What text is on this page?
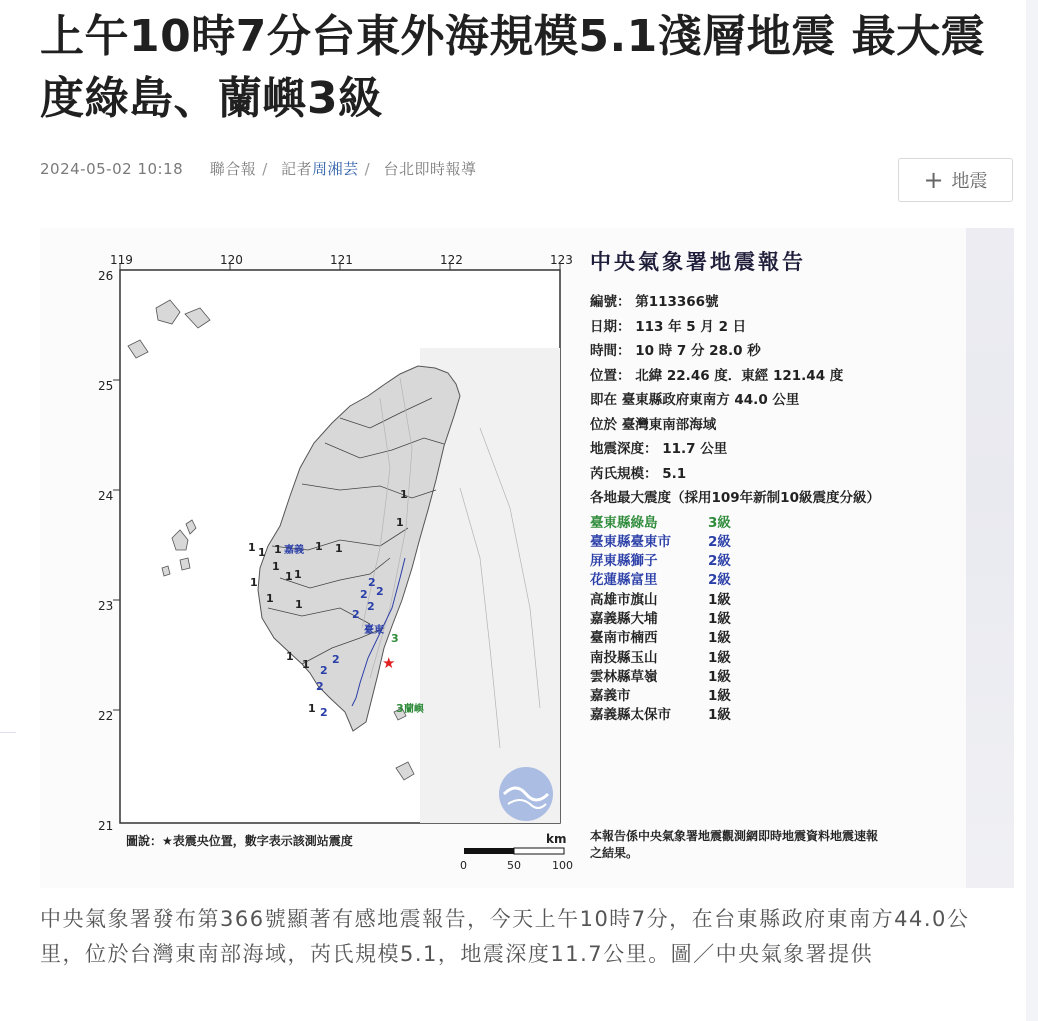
上午10時7分台東外海規模5.1淺層地震 最大震度綠島、蘭嶼3級
2024-05-02 10:18 聯合報 / 記者周湘芸 / 台北即時報導	+ 地震
119	120	121	122	123
26
25
24
23
22
21
1 1 1	1 1
1
1 1
1
1 1
1
1
1
1
1
2
2 2
2
2
2
2
2
2
3
3
嘉義
臺東
蘭嶼
★
圖說：★表震央位置，數字表示該測站震度	km
0	50	100
中央氣象署地震報告
編號： 第113366號
日期： 113 年 5 月 2 日
時間： 10 時 7 分 28.0 秒
位置： 北緯 22.46 度．東經 121.44 度
即在 臺東縣政府東南方 44.0 公里
位於 臺灣東南部海域
地震深度： 11.7 公里
芮氏規模： 5.1
各地最大震度（採用109年新制10級震度分級）
臺東縣綠島	3級
臺東縣臺東市	2級
屏東縣獅子	2級
花蓮縣富里	2級
高雄市旗山	1級
嘉義縣大埔	1級
臺南市楠西	1級
南投縣玉山	1級
雲林縣草嶺	1級
嘉義市	1級
嘉義縣太保市	1級
本報告係中央氣象署地震觀測網即時地震資料地震速報之結果。
中央氣象署發布第366號顯著有感地震報告，今天上午10時7分，在台東縣政府東南方44.0公里，位於台灣東南部海域，芮氏規模5.1，地震深度11.7公里。圖／中央氣象署提供
